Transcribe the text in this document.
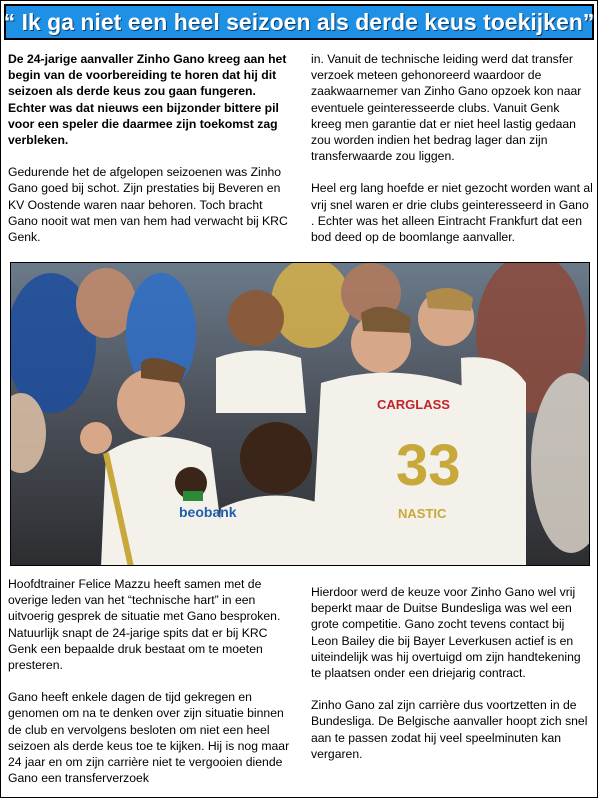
“ Ik ga niet een heel seizoen als derde keus toekijken”

De 24-jarige aanvaller Zinho Gano kreeg aan het begin van de voorbereiding te horen dat hij dit seizoen als derde keus zou gaan fungeren. Echter was dat nieuws een bijzonder bittere pil voor een speler die daarmee zijn toekomst zag verbleken.

Gedurende het de afgelopen seizoenen was Zinho Gano goed bij schot. Zijn prestaties bij Beveren en KV Oostende waren naar behoren. Toch bracht Gano nooit wat men van hem had verwacht bij KRC Genk.

in. Vanuit de technische leiding werd dat transfer verzoek meteen gehonoreerd waardoor de zaakwaarnemer van Zinho Gano opzoek kon naar eventuele geinteresseerde clubs. Vanuit Genk kreeg men garantie dat er niet heel lastig gedaan zou worden indien het bedrag lager dan zijn transferwaarde zou liggen.

Heel erg lang hoefde er niet gezocht worden want al vrij snel waren er drie clubs geinteresseerd in Gano . Echter was het alleen Eintracht Frankfurt dat een bod deed op de boomlange aanvaller.

CARGLASS
33
NASTIC
beobank

Hoofdtrainer Felice Mazzu heeft samen met de overige leden van het “technische hart” in een uitvoerig gesprek de situatie met Gano besproken. Natuurlijk snapt de 24-jarige spits dat er bij KRC Genk een bepaalde druk bestaat om te moeten presteren.

Gano heeft enkele dagen de tijd gekregen en genomen om na te denken over zijn situatie binnen de club en vervolgens besloten om niet een heel seizoen als derde keus toe te kijken. Hij is nog maar 24 jaar en om zijn carrière niet te vergooien diende Gano een transferverzoek

Hierdoor werd de keuze voor Zinho Gano wel vrij beperkt maar de Duitse Bundesliga was wel een grote competitie. Gano zocht tevens contact bij Leon Bailey die bij Bayer Leverkusen actief is en uiteindelijk was hij overtuigd om zijn handtekening te plaatsen onder een driejarig contract.

Zinho Gano zal zijn carrière dus voortzetten in de Bundesliga. De Belgische aanvaller hoopt zich snel aan te passen zodat hij veel speelminuten kan vergaren.
